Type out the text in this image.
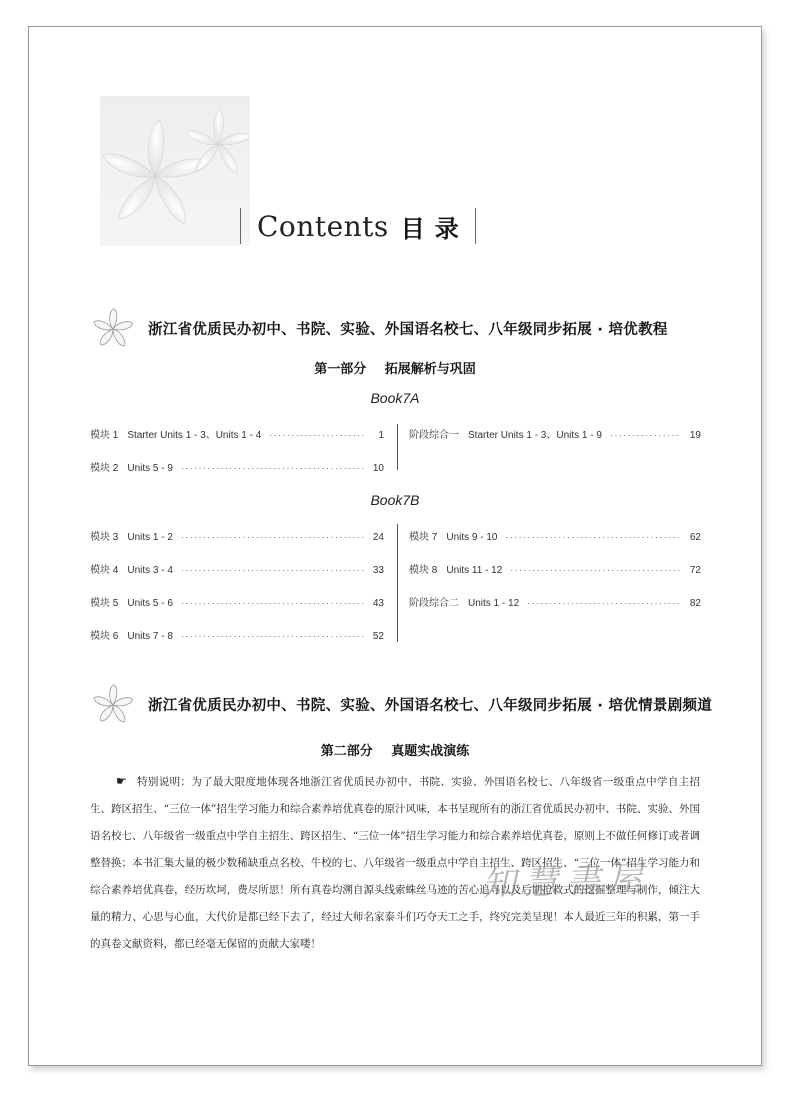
Contents 目录
浙江省优质民办初中、书院、实验、外国语名校七、八年级同步拓展 · 培优教程
第一部分 拓展解析与巩固
Book7A
模块 1 Starter Units 1 - 3、Units 1 - 4 ·····	1
模块 2 Units 5 - 9 ·····	10
阶段综合一 Starter Units 1 - 3、Units 1 - 9 ·····	19
Book7B
模块 3 Units 1 - 2 ·····	24
模块 4 Units 3 - 4 ·····	33
模块 5 Units 5 - 6 ·····	43
模块 6 Units 7 - 8 ·····	52
模块 7 Units 9 - 10 ·····	62
模块 8 Units 11 - 12 ·····	72
阶段综合二 Units 1 - 12 ·····	82
浙江省优质民办初中、书院、实验、外国语名校七、八年级同步拓展 · 培优情景剧频道
第二部分 真题实战演练
☛ 特别说明：为了最大限度地体现各地浙江省优质民办初中、书院、实验、外国语名校七、八年级省一级重点中学自主招生、跨区招生、“三位一体”招生学习能力和综合素养培优真卷的原汁风味，本书呈现所有的浙江省优质民办初中、书院、实验、外国语名校七、八年级省一级重点中学自主招生、跨区招生、“三位一体”招生学习能力和综合素养培优真卷，原则上不做任何修订或者调整替换；本书汇集大量的极少数稀缺重点名校、牛校的七、八年级省一级重点中学自主招生、跨区招生、“三位一体”招生学习能力和综合素养培优真卷，经历坎坷，费尽所思！所有真卷均溯自源头线索蛛丝马迹的苦心追寻以及后期抢救式的挖掘整理与制作，倾注大量的精力、心思与心血，大代价是都已经下去了，经过大师名家泰斗们巧夺天工之手，终究完美呈现！本人最近三年的积累，第一手的真卷文献资料，都已经毫无保留的贡献大家喽！
知慧書屋
